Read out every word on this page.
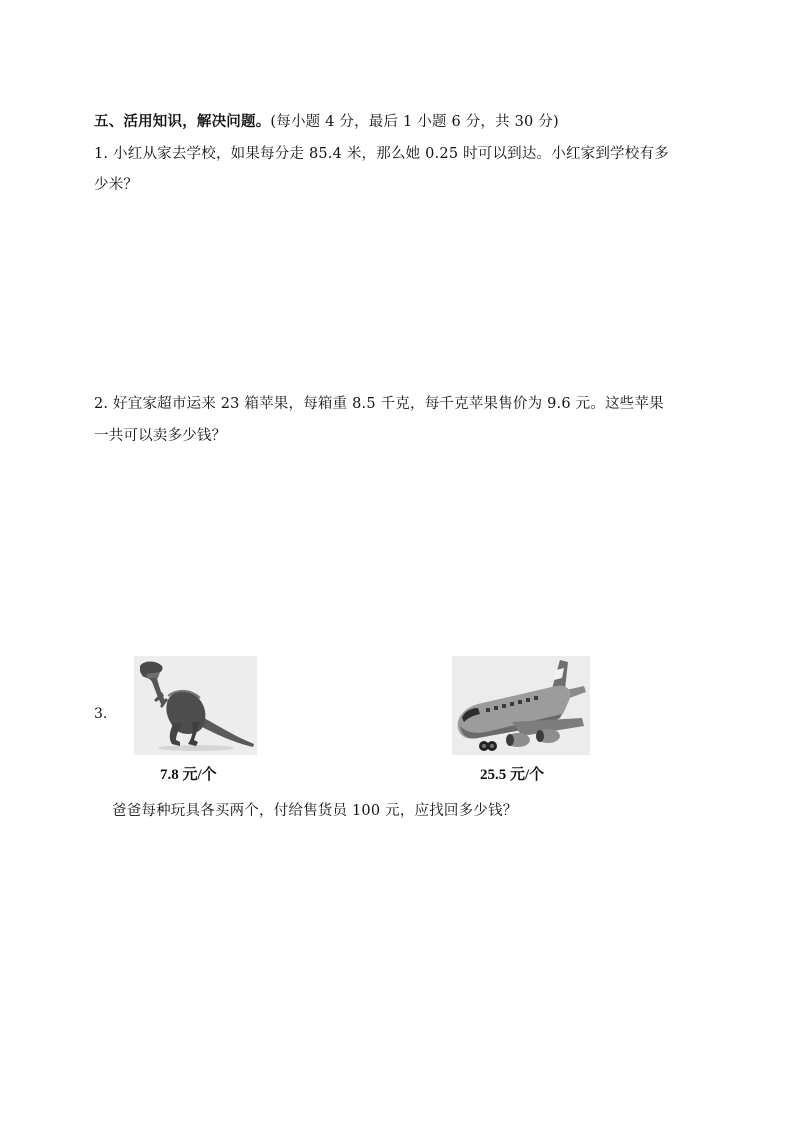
五、活用知识，解决问题。(每小题 4 分，最后 1 小题 6 分，共 30 分)
1. 小红从家去学校，如果每分走 85.4 米，那么她 0.25 时可以到达。小红家到学校有多
少米？
2. 好宜家超市运来 23 箱苹果，每箱重 8.5 千克，每千克苹果售价为 9.6 元。这些苹果
一共可以卖多少钱？
3.
7.8 元/个	25.5 元/个
爸爸每种玩具各买两个，付给售货员 100 元，应找回多少钱？
